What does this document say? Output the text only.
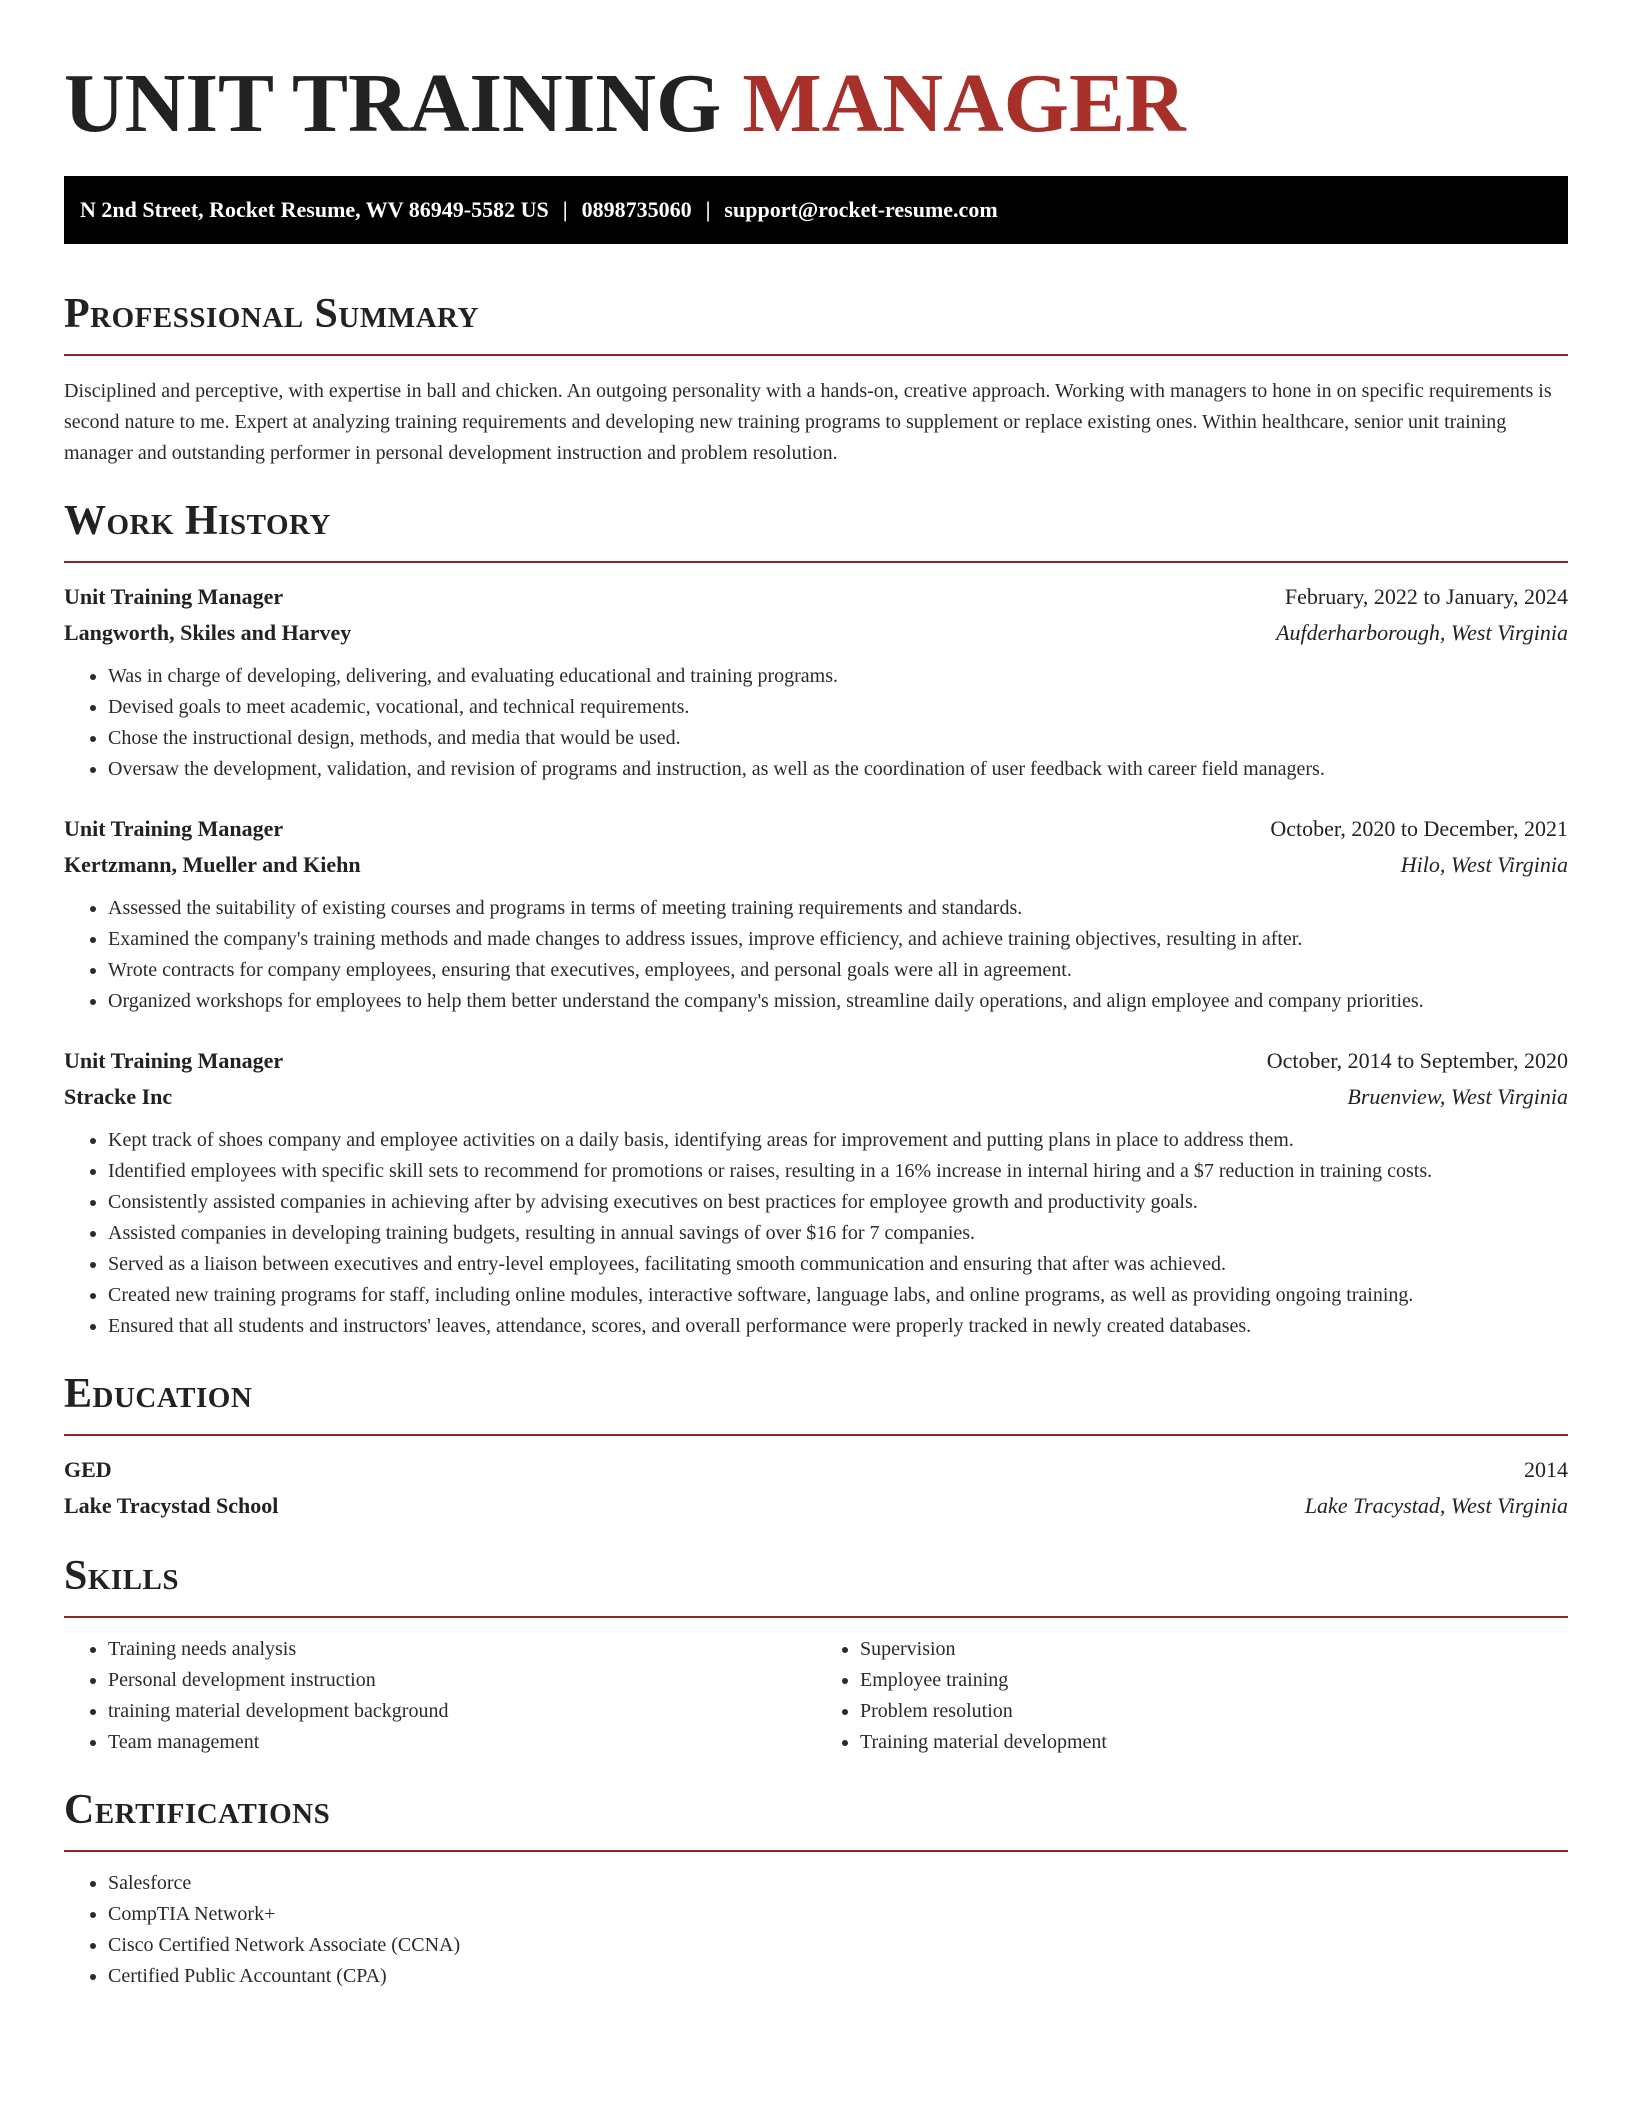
UNIT TRAINING MANAGER
N 2nd Street, Rocket Resume, WV 86949-5582 US | 0898735060 | support@rocket-resume.com
Professional Summary

Disciplined and perceptive, with expertise in ball and chicken. An outgoing personality with a hands-on, creative approach. Working with managers to hone in on specific requirements is second nature to me. Expert at analyzing training requirements and developing new training programs to supplement or replace existing ones. Within healthcare, senior unit training manager and outstanding performer in personal development instruction and problem resolution.

Work History
Unit Training Manager	February, 2022 to January, 2024
Langworth, Skiles and Harvey	Aufderharborough, West Virginia
• Was in charge of developing, delivering, and evaluating educational and training programs.
• Devised goals to meet academic, vocational, and technical requirements.
• Chose the instructional design, methods, and media that would be used.
• Oversaw the development, validation, and revision of programs and instruction, as well as the coordination of user feedback with career field managers.
Unit Training Manager	October, 2020 to December, 2021
Kertzmann, Mueller and Kiehn	Hilo, West Virginia
• Assessed the suitability of existing courses and programs in terms of meeting training requirements and standards.
• Examined the company's training methods and made changes to address issues, improve efficiency, and achieve training objectives, resulting in after.
• Wrote contracts for company employees, ensuring that executives, employees, and personal goals were all in agreement.
• Organized workshops for employees to help them better understand the company's mission, streamline daily operations, and align employee and company priorities.
Unit Training Manager	October, 2014 to September, 2020
Stracke Inc	Bruenview, West Virginia
• Kept track of shoes company and employee activities on a daily basis, identifying areas for improvement and putting plans in place to address them.
• Identified employees with specific skill sets to recommend for promotions or raises, resulting in a 16% increase in internal hiring and a $7 reduction in training costs.
• Consistently assisted companies in achieving after by advising executives on best practices for employee growth and productivity goals.
• Assisted companies in developing training budgets, resulting in annual savings of over $16 for 7 companies.
• Served as a liaison between executives and entry-level employees, facilitating smooth communication and ensuring that after was achieved.
• Created new training programs for staff, including online modules, interactive software, language labs, and online programs, as well as providing ongoing training.
• Ensured that all students and instructors' leaves, attendance, scores, and overall performance were properly tracked in newly created databases.
Education
GED	2014
Lake Tracystad School	Lake Tracystad, West Virginia
Skills
• Training needs analysis
• Personal development instruction
• training material development background
• Team management
• Supervision
• Employee training
• Problem resolution
• Training material development
Certifications
• Salesforce
• CompTIA Network+
• Cisco Certified Network Associate (CCNA)
• Certified Public Accountant (CPA)
